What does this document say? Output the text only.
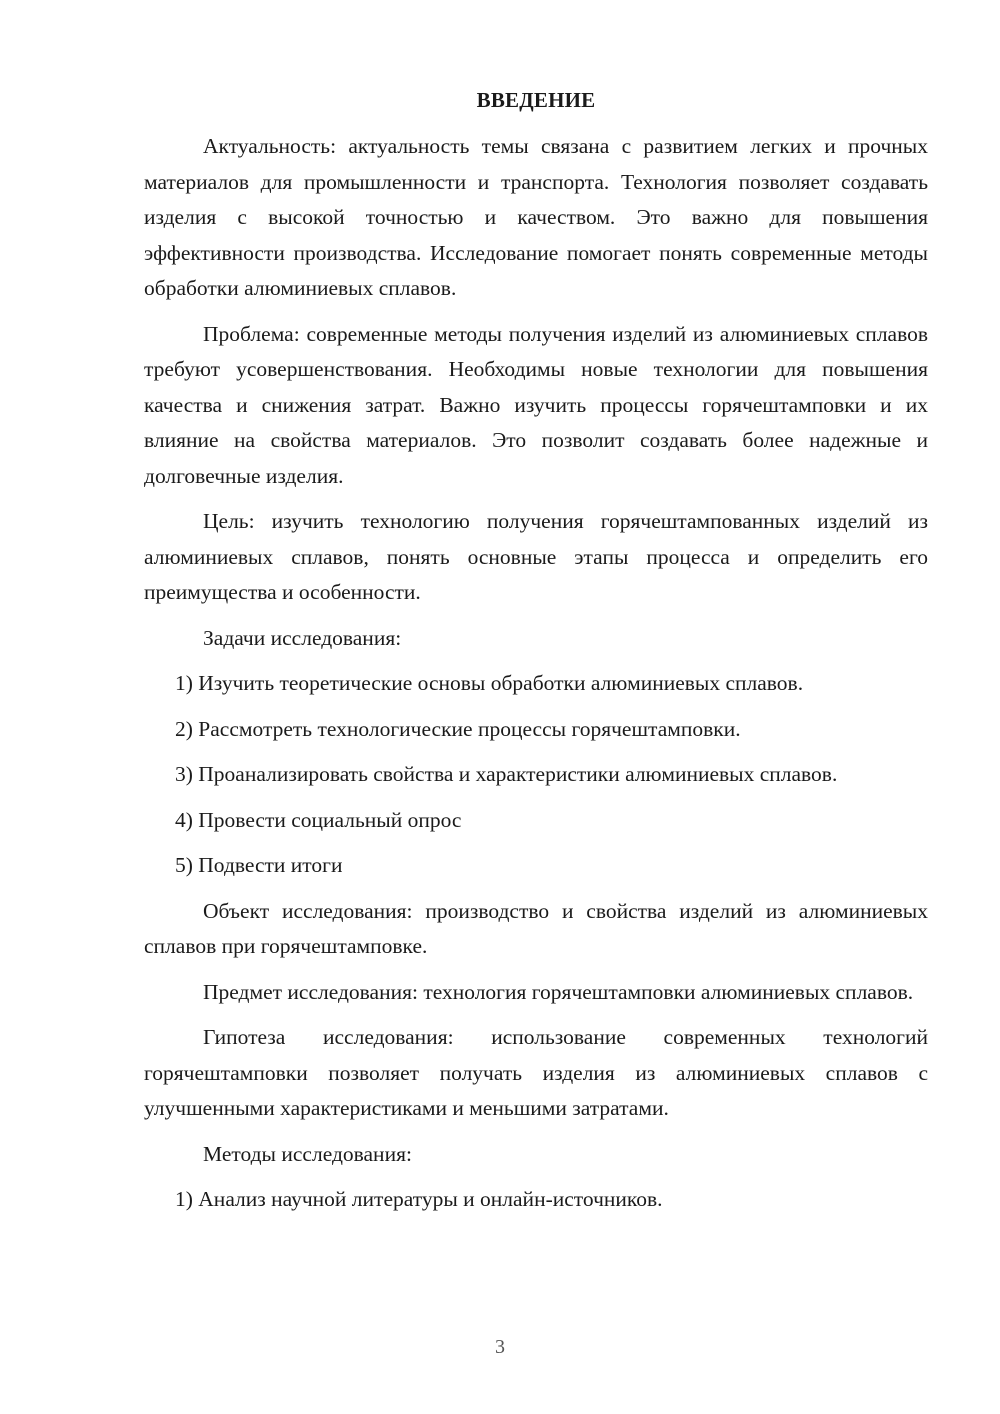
ВВЕДЕНИЕ

Актуальность: актуальность темы связана с развитием легких и прочных материалов для промышленности и транспорта. Технология позволяет создавать изделия с высокой точностью и качеством. Это важно для повышения эффективности производства. Исследование помогает понять современные методы обработки алюминиевых сплавов.

Проблема: современные методы получения изделий из алюминиевых сплавов требуют усовершенствования. Необходимы новые технологии для повышения качества и снижения затрат. Важно изучить процессы горячештамповки и их влияние на свойства материалов. Это позволит создавать более надежные и долговечные изделия.

Цель: изучить технологию получения горячештампованных изделий из алюминиевых сплавов, понять основные этапы процесса и определить его преимущества и особенности.

Задачи исследования:

1) Изучить теоретические основы обработки алюминиевых сплавов.

2) Рассмотреть технологические процессы горячештамповки.

3) Проанализировать свойства и характеристики алюминиевых сплавов.

4) Провести социальный опрос

5) Подвести итоги

Объект исследования: производство и свойства изделий из алюминиевых сплавов при горячештамповке.

Предмет исследования: технология горячештамповки алюминиевых сплавов.

Гипотеза исследования: использование современных технологий горячештамповки позволяет получать изделия из алюминиевых сплавов с улучшенными характеристиками и меньшими затратами.

Методы исследования:

1) Анализ научной литературы и онлайн-источников.

3
